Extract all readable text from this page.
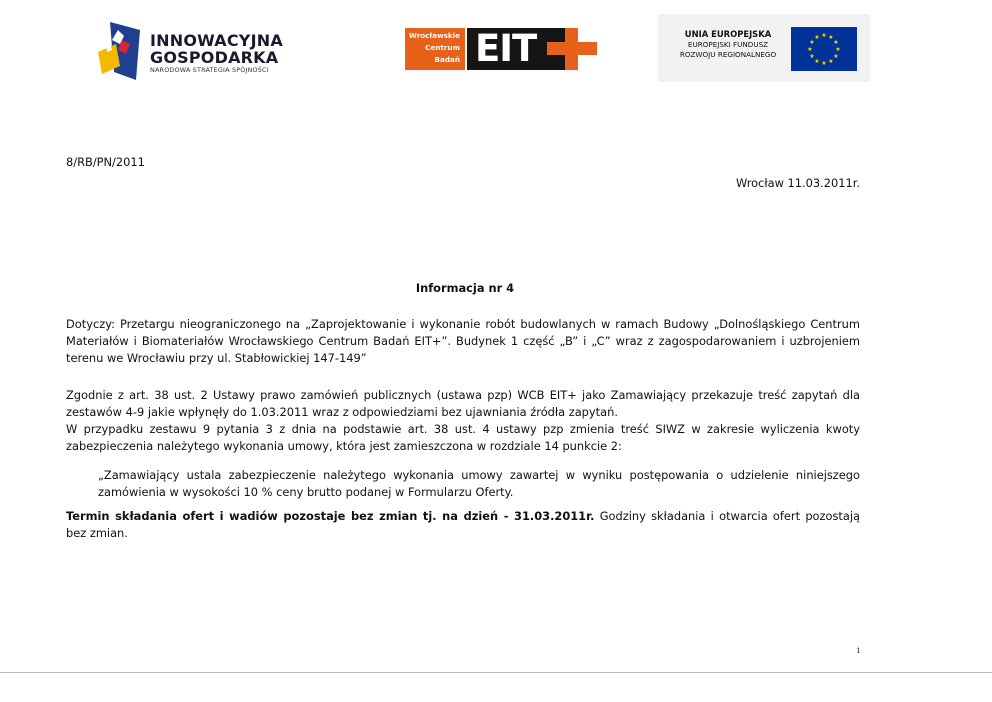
INNOWACYJNA
GOSPODARKA
NARODOWA STRATEGIA SPÓJNOŚCI
Wrocławskie
Centrum
Badań EIT	UNIA EUROPEJSKA
EUROPEJSKI FUNDUSZ
ROZWOJU REGIONALNEGO
★ ★
★
★
★
★
★
★
★
★
★
★
8/RB/PN/2011
Wrocław 11.03.2011r.
Informacja nr 4
Dotyczy: Przetargu nieograniczonego na „Zaprojektowanie i wykonanie robót budowlanych w ramach Budowy „Dolnośląskiego Centrum
Materiałów i Biomateriałów Wrocławskiego Centrum Badań EIT+”. Budynek 1 część „B” i „C” wraz z zagospodarowaniem i uzbrojeniem
terenu we Wrocławiu przy ul. Stabłowickiej 147-149”
Zgodnie z art. 38 ust. 2 Ustawy prawo zamówień publicznych (ustawa pzp) WCB EIT+ jako Zamawiający przekazuje treść zapytań dla
zestawów 4-9 jakie wpłynęły do 1.03.2011 wraz z odpowiedziami bez ujawniania źródła zapytań.
W przypadku zestawu 9 pytania 3 z dnia na podstawie art. 38 ust. 4 ustawy pzp zmienia treść SIWZ w zakresie wyliczenia kwoty
zabezpieczenia należytego wykonania umowy, która jest zamieszczona w rozdziale 14 punkcie 2:
„Zamawiający ustala zabezpieczenie należytego wykonania umowy zawartej w wyniku postępowania o udzielenie niniejszego
zamówienia w wysokości 10 % ceny brutto podanej w Formularzu Oferty.
Termin składania ofert i wadiów pozostaje bez zmian tj. na dzień - 31.03.2011r. Godziny składania i otwarcia ofert pozostają
bez zmian.
1
